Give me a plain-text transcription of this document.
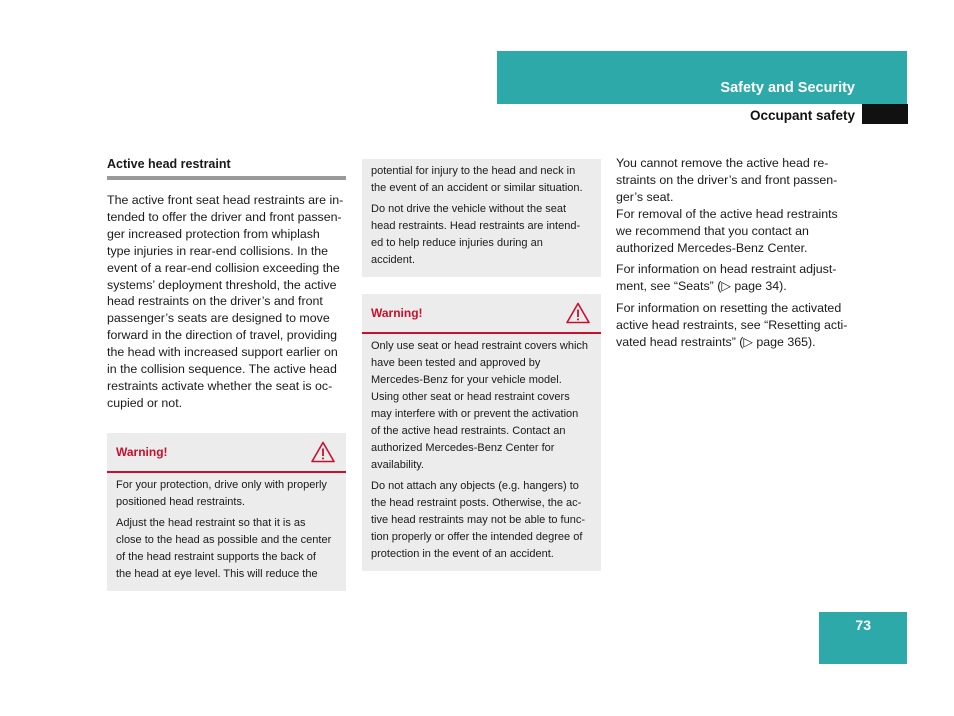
Safety and Security
Occupant safety
Active head restraint

The active front seat head restraints are in-
tended to offer the driver and front passen-
ger increased protection from whiplash
type injuries in rear-end collisions. In the
event of a rear-end collision exceeding the
systems’ deployment threshold, the active
head restraints on the driver’s and front
passenger’s seats are designed to move
forward in the direction of travel, providing
the head with increased support earlier on
in the collision sequence. The active head
restraints activate whether the seat is oc-
cupied or not.

Warning!

For your protection, drive only with properly
positioned head restraints.

Adjust the head restraint so that it is as
close to the head as possible and the center
of the head restraint supports the back of
the head at eye level. This will reduce the

potential for injury to the head and neck in
the event of an accident or similar situation.

Do not drive the vehicle without the seat
head restraints. Head restraints are intend-
ed to help reduce injuries during an
accident.

Warning!

Only use seat or head restraint covers which
have been tested and approved by
Mercedes-Benz for your vehicle model.
Using other seat or head restraint covers
may interfere with or prevent the activation
of the active head restraints. Contact an
authorized Mercedes-Benz Center for
availability.

Do not attach any objects (e.g. hangers) to
the head restraint posts. Otherwise, the ac-
tive head restraints may not be able to func-
tion properly or offer the intended degree of
protection in the event of an accident.

You cannot remove the active head re-
straints on the driver’s and front passen-
ger’s seat.
For removal of the active head restraints
we recommend that you contact an
authorized Mercedes-Benz Center.

For information on head restraint adjust-
ment, see “Seats” (▷ page 34).

For information on resetting the activated
active head restraints, see “Resetting acti-
vated head restraints” (▷ page 365).

73
